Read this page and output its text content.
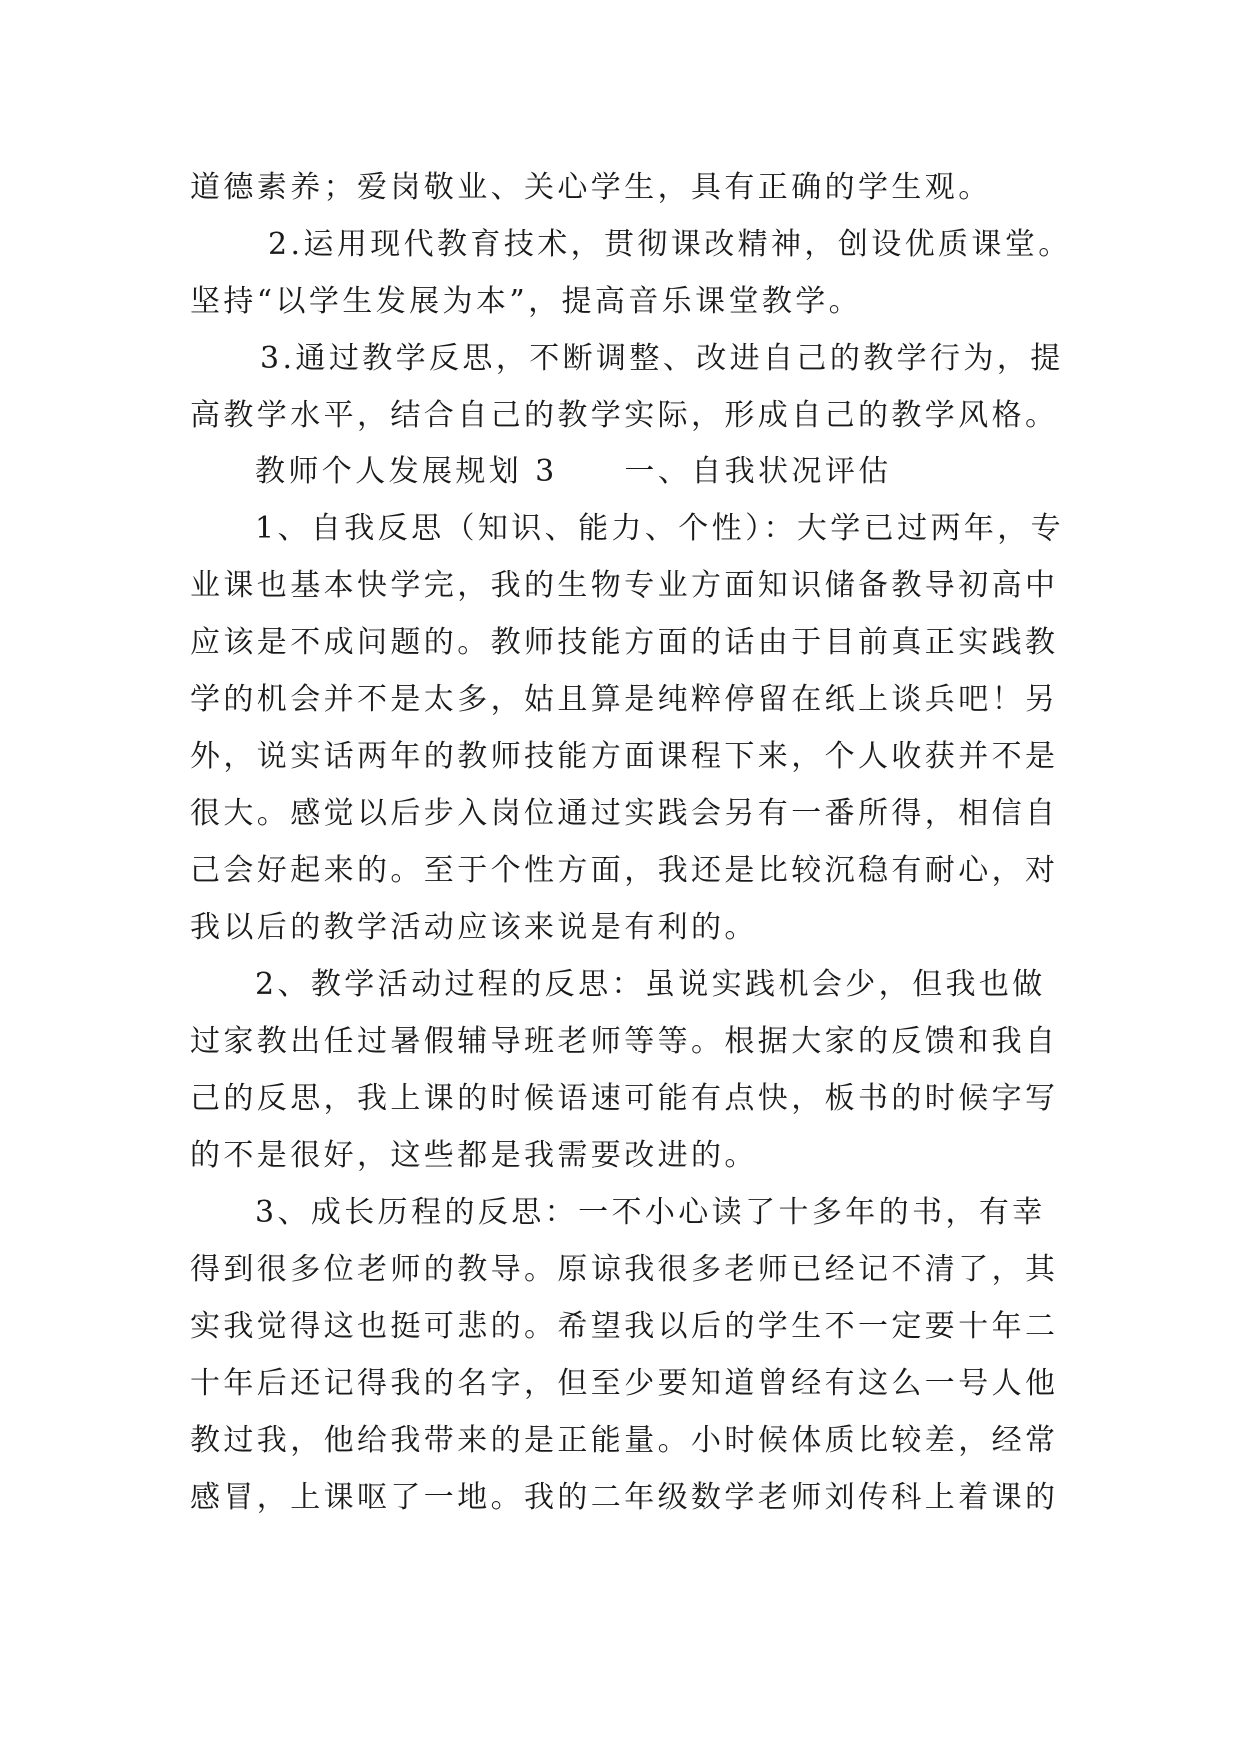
道德素养；爱岗敬业、关心学生，具有正确的学生观。
2.运用现代教育技术，贯彻课改精神，创设优质课堂。
坚持“以学生发展为本”，提高音乐课堂教学。
3.通过教学反思，不断调整、改进自己的教学行为，提
高教学水平，结合自己的教学实际，形成自己的教学风格。
教师个人发展规划 3　　一、自我状况评估
1、自我反思（知识、能力、个性）：大学已过两年，专
业课也基本快学完，我的生物专业方面知识储备教导初高中
应该是不成问题的。教师技能方面的话由于目前真正实践教
学的机会并不是太多，姑且算是纯粹停留在纸上谈兵吧！另
外，说实话两年的教师技能方面课程下来，个人收获并不是
很大。感觉以后步入岗位通过实践会另有一番所得，相信自
己会好起来的。至于个性方面，我还是比较沉稳有耐心，对
我以后的教学活动应该来说是有利的。
2、教学活动过程的反思：虽说实践机会少，但我也做
过家教出任过暑假辅导班老师等等。根据大家的反馈和我自
己的反思，我上课的时候语速可能有点快，板书的时候字写
的不是很好，这些都是我需要改进的。
3、成长历程的反思：一不小心读了十多年的书，有幸
得到很多位老师的教导。原谅我很多老师已经记不清了，其
实我觉得这也挺可悲的。希望我以后的学生不一定要十年二
十年后还记得我的名字，但至少要知道曾经有这么一号人他
教过我，他给我带来的是正能量。小时候体质比较差，经常
感冒，上课呕了一地。我的二年级数学老师刘传科上着课的
